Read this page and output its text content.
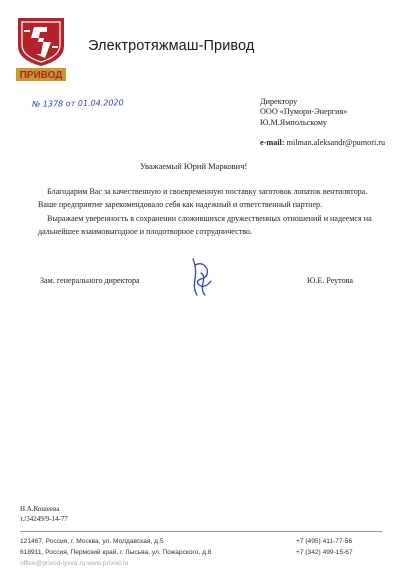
ПРИВОД
Электротяжмаш-Привод
№ 1378 от 01.04.2020	Директору
ООО «Пумори-Энергия»
Ю.М.Ямпольскому
e-mail: milman.aleksandr@pumori.ru
Уважаемый Юрий Маркович!
Благодарим Вас за качественную и своевременную поставку заготовок лопаток вентилятора.
Ваше предприятие зарекомендовало себя как надежный и ответственный партнер.
Выражаем уверенность в сохранении сложившихся дружественных отношений и надеемся на дальнейшее взаимовыгодное и плодотворное сотрудничество.
Зам. генерального директора	Ю.Е. Реутова
Н.А.Кошеева
т./34249/9-14-77
121467, Россия, г. Москва, ул. Молдавская, д.5
618911, Россия, Пермский край, г. Лысьва, ул. Пожарского, д.8
office@privod-lysva.ru www.privod.ru
+7 (495) 411-77-56
+7 (342) 499-15-67
